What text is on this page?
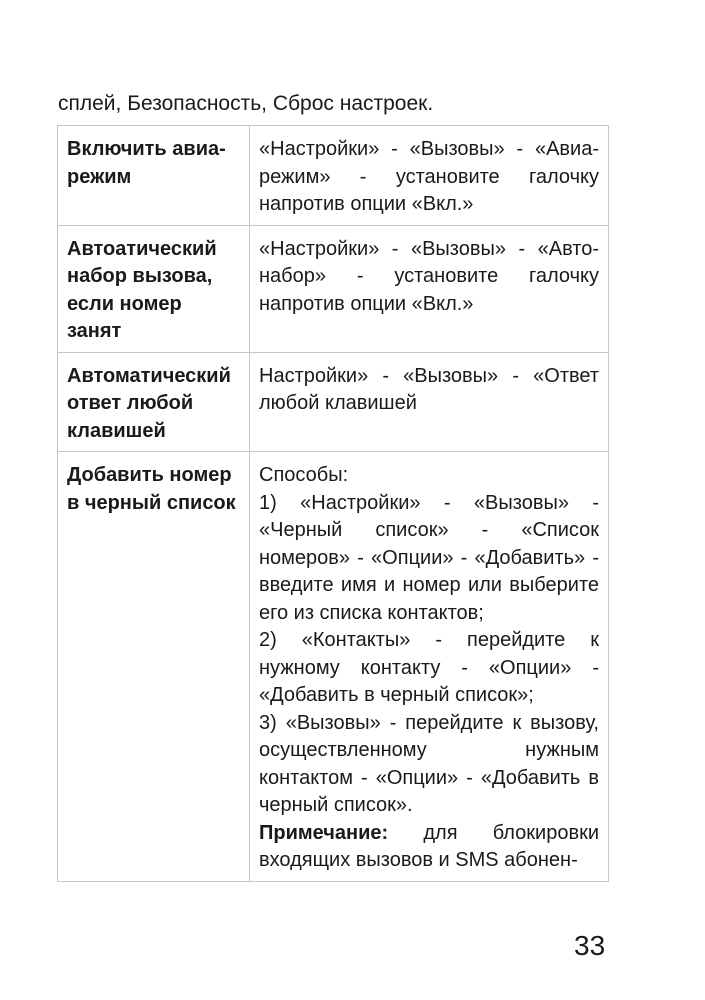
сплей, Безопасность, Сброс настроек.
Включить авиа-режим	«Настройки» - «Вызовы» - «Авиа-режим» - установите галочку напротив опции «Вкл.»

Автоатический набор вызова, если номер занят	«Настройки» - «Вызовы» - «Авто-набор» - установите галочку напротив опции «Вкл.»

Автоматический ответ любой клавишей	Настройки» - «Вызовы» - «Ответ любой клавишей

Добавить номер в черный список	Способы:

1) «Настройки» - «Вызовы» - «Черный список» - «Список номеров» - «Опции» - «Добавить» - введите имя и номер или выберите его из списка контактов;

2) «Контакты» - перейдите к нужному контакту - «Опции» - «Добавить в черный список»;

3) «Вызовы» - перейдите к вызову, осуществленному нужным контактом - «Опции» - «Добавить в черный список».

Примечание: для блокировки входящих вызовов и SMS абонен-

33
